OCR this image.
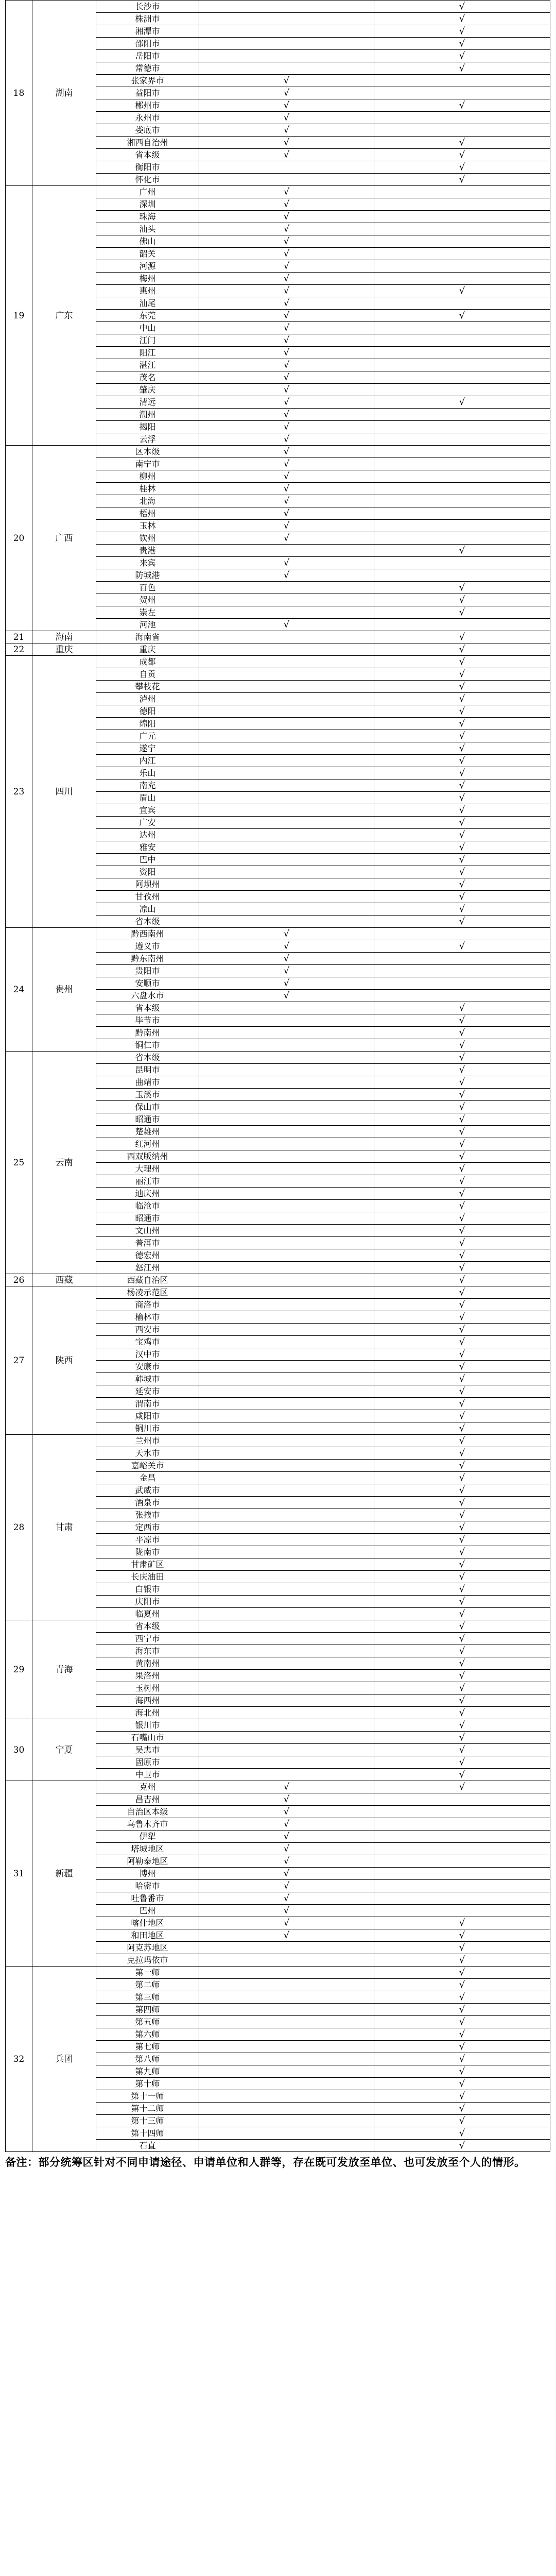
18	湖南	长沙市		√
		株洲市		√
		湘潭市		√
		邵阳市		√
		岳阳市		√
		常德市		√
		张家界市	√	
		益阳市	√	
		郴州市	√	√
		永州市	√	
		娄底市	√	
		湘西自治州	√	√
		省本级	√	√
		衡阳市		√
		怀化市		√
19	广东	广州	√	
		深圳	√	
		珠海	√	
		汕头	√	
		佛山	√	
		韶关	√	
		河源	√	
		梅州	√	
		惠州	√	√
		汕尾	√	
		东莞	√	√
		中山	√	
		江门	√	
		阳江	√	
		湛江	√	
		茂名	√	
		肇庆	√	
		清远	√	√
		潮州	√	
		揭阳	√	
		云浮	√	
20	广西	区本级	√	
		南宁市	√	
		柳州	√	
		桂林	√	
		北海	√	
		梧州	√	
		玉林	√	
		钦州	√	
		贵港		√
		来宾	√	
		防城港	√	
		百色		√
		贺州		√
		崇左		√
		河池	√	
21	海南	海南省		√
22	重庆	重庆		√
23	四川	成都		√
		自贡		√
		攀枝花		√
		泸州		√
		德阳		√
		绵阳		√
		广元		√
		遂宁		√
		内江		√
		乐山		√
		南充		√
		眉山		√
		宜宾		√
		广安		√
		达州		√
		雅安		√
		巴中		√
		资阳		√
		阿坝州		√
		甘孜州		√
		凉山		√
		省本级		√
24	贵州	黔西南州	√	
		遵义市	√	√
		黔东南州	√	
		贵阳市	√	
		安顺市	√	
		六盘水市	√	
		省本级		√
		毕节市		√
		黔南州		√
		铜仁市		√
25	云南	省本级		√
		昆明市		√
		曲靖市		√
		玉溪市		√
		保山市		√
		昭通市		√
		楚雄州		√
		红河州		√
		西双版纳州		√
		大理州		√
		丽江市		√
		迪庆州		√
		临沧市		√
		昭通市		√
		文山州		√
		普洱市		√
		德宏州		√
		怒江州		√
26	西藏	西藏自治区		√
27	陕西	杨凌示范区		√
		商洛市		√
		榆林市		√
		西安市		√
		宝鸡市		√
		汉中市		√
		安康市		√
		韩城市		√
		延安市		√
		渭南市		√
		咸阳市		√
		铜川市		√
28	甘肃	兰州市		√
		天水市		√
		嘉峪关市		√
		金昌		√
		武威市		√
		酒泉市		√
		张掖市		√
		定西市		√
		平凉市		√
		陇南市		√
		甘肃矿区		√
		长庆油田		√
		白银市		√
		庆阳市		√
		临夏州		√
29	青海	省本级		√
		西宁市		√
		海东市		√
		黄南州		√
		果洛州		√
		玉树州		√
		海西州		√
		海北州		√
30	宁夏	银川市		√
		石嘴山市		√
		吴忠市		√
		固原市		√
		中卫市		√
31	新疆	克州	√	√
		昌吉州	√	
		自治区本级	√	
		乌鲁木齐市	√	
		伊犁	√	
		塔城地区	√	
		阿勒泰地区	√	
		博州	√	
		哈密市	√	
		吐鲁番市	√	
		巴州	√	
		喀什地区	√	√
		和田地区	√	√
		阿克苏地区		√
		克拉玛依市		√
32	兵团	第一师		√
		第二师		√
		第三师		√
		第四师		√
		第五师		√
		第六师		√
		第七师		√
		第八师		√
		第九师		√
		第十师		√
		第十一师		√
		第十二师		√
		第十三师		√
		第十四师		√
		石直		√
备注：部分统筹区针对不同申请途径、申请单位和人群等，存在既可发放至单位、也可发放至个人的情形。
